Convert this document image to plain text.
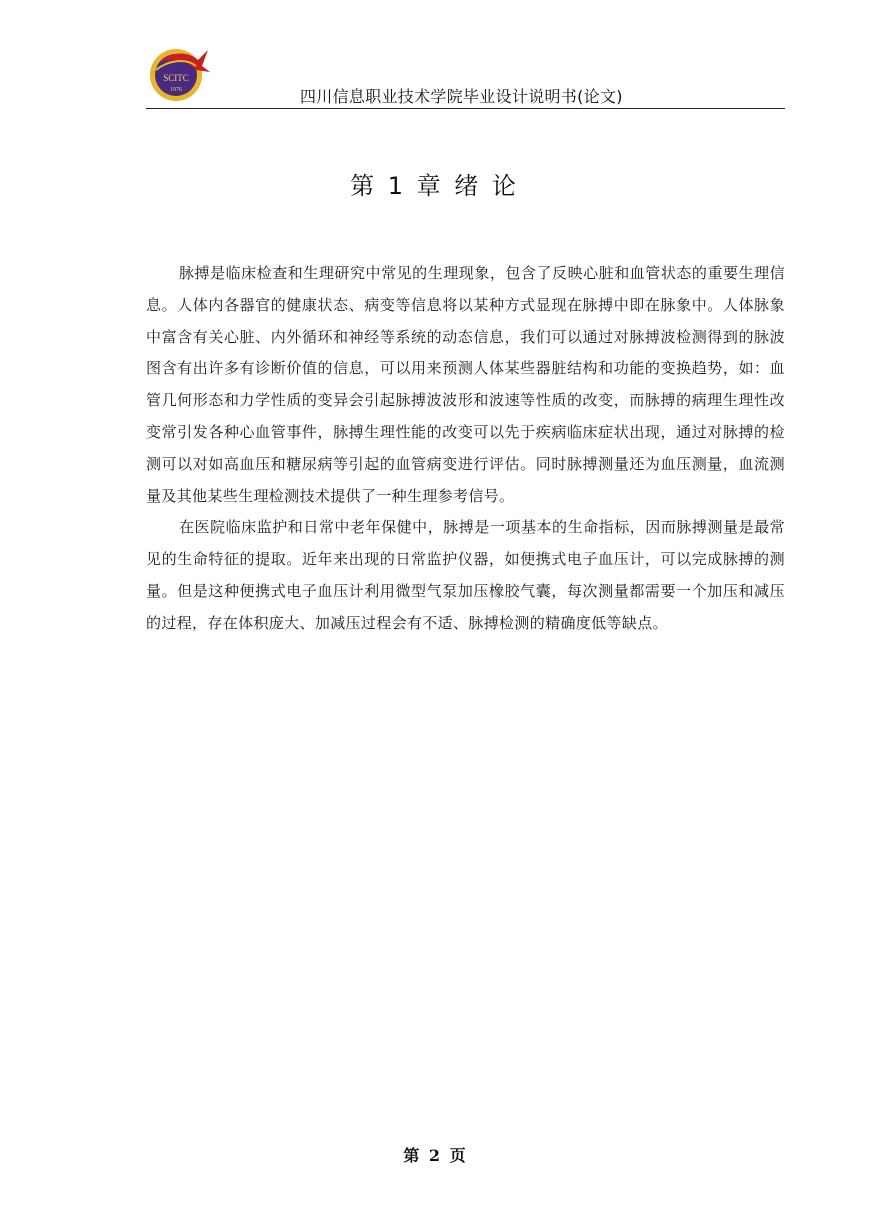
SCITC
1976	四川信息职业技术学院毕业设计说明书(论文)
第 1 章 绪 论

脉搏是临床检查和生理研究中常见的生理现象，包含了反映心脏和血管状态的重要生理信息。人体内各器官的健康状态、病变等信息将以某种方式显现在脉搏中即在脉象中。人体脉象中富含有关心脏、内外循环和神经等系统的动态信息，我们可以通过对脉搏波检测得到的脉波图含有出许多有诊断价值的信息，可以用来预测人体某些器脏结构和功能的变换趋势，如：血管几何形态和力学性质的变异会引起脉搏波波形和波速等性质的改变，而脉搏的病理生理性改变常引发各种心血管事件，脉搏生理性能的改变可以先于疾病临床症状出现，通过对脉搏的检测可以对如高血压和糖尿病等引起的血管病变进行评估。同时脉搏测量还为血压测量，血流测量及其他某些生理检测技术提供了一种生理参考信号。

在医院临床监护和日常中老年保健中，脉搏是一项基本的生命指标，因而脉搏测量是最常见的生命特征的提取。近年来出现的日常监护仪器，如便携式电子血压计，可以完成脉搏的测量。但是这种便携式电子血压计利用微型气泵加压橡胶气囊，每次测量都需要一个加压和减压的过程，存在体积庞大、加减压过程会有不适、脉搏检测的精确度低等缺点。

第 2 页
